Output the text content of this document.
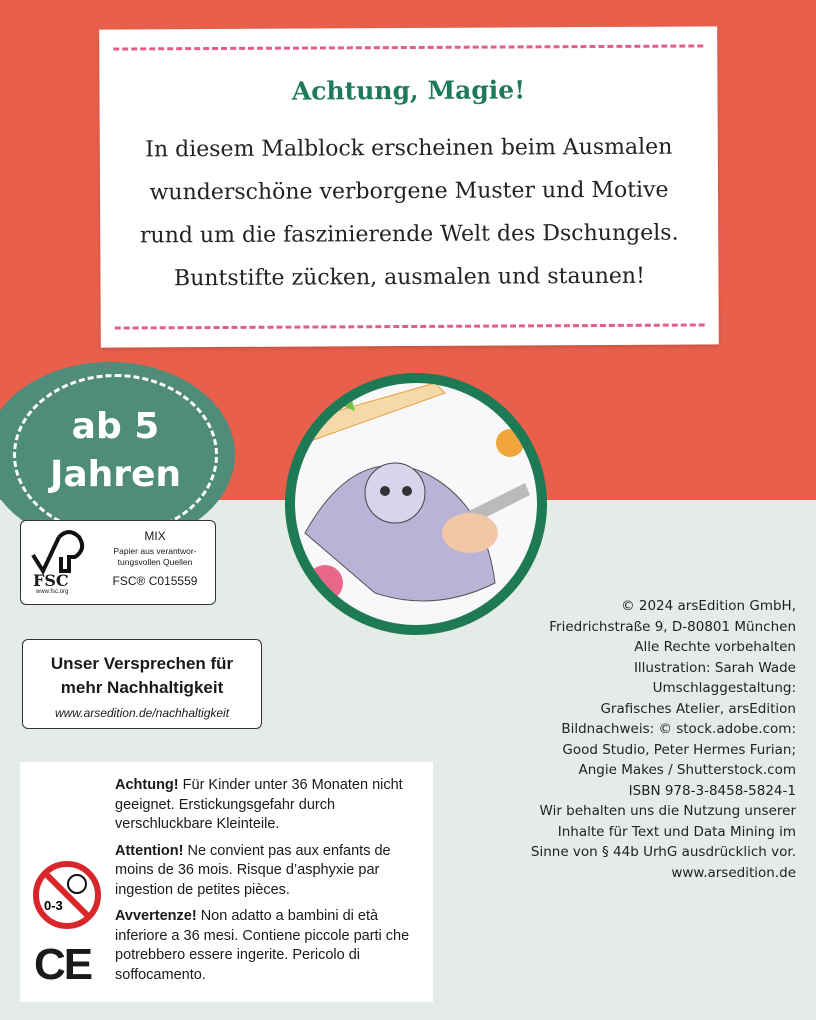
Achtung, Magie!

In diesem Malblock erscheinen beim Ausmalen wunderschöne verborgene Muster und Motive rund um die faszinierende Welt des Dschungels. Buntstifte zücken, ausmalen und staunen!

ab 5
Jahren
FSC
www.fsc.org
MIX
Papier aus verantwor-
tungsvollen Quellen
FSC® C015559
Unser Versprechen für
mehr Nachhaltigkeit
www.arsedition.de/nachhaltigkeit
© 2024 arsEdition GmbH,
Friedrichstraße 9, D-80801 München
Alle Rechte vorbehalten
Illustration: Sarah Wade
Umschlaggestaltung:
Grafisches Atelier, arsEdition
Bildnachweis: © stock.adobe.com:
Good Studio, Peter Hermes Furian;
Angie Makes / Shutterstock.com
ISBN 978-3-8458-5824-1
Wir behalten uns die Nutzung unserer
Inhalte für Text und Data Mining im
Sinne von § 44b UrhG ausdrücklich vor.
www.arsedition.de
0-3
CE
Achtung! Für Kinder unter 36 Monaten nicht geeignet. Erstickungsgefahr durch verschluckbare Kleinteile.
Attention! Ne convient pas aux enfants de moins de 36 mois. Risque d’asphyxie par ingestion de petites pièces.
Avvertenze! Non adatto a bambini di età inferiore a 36 mesi. Contiene piccole parti che potrebbero essere ingerite. Pericolo di soffocamento.
